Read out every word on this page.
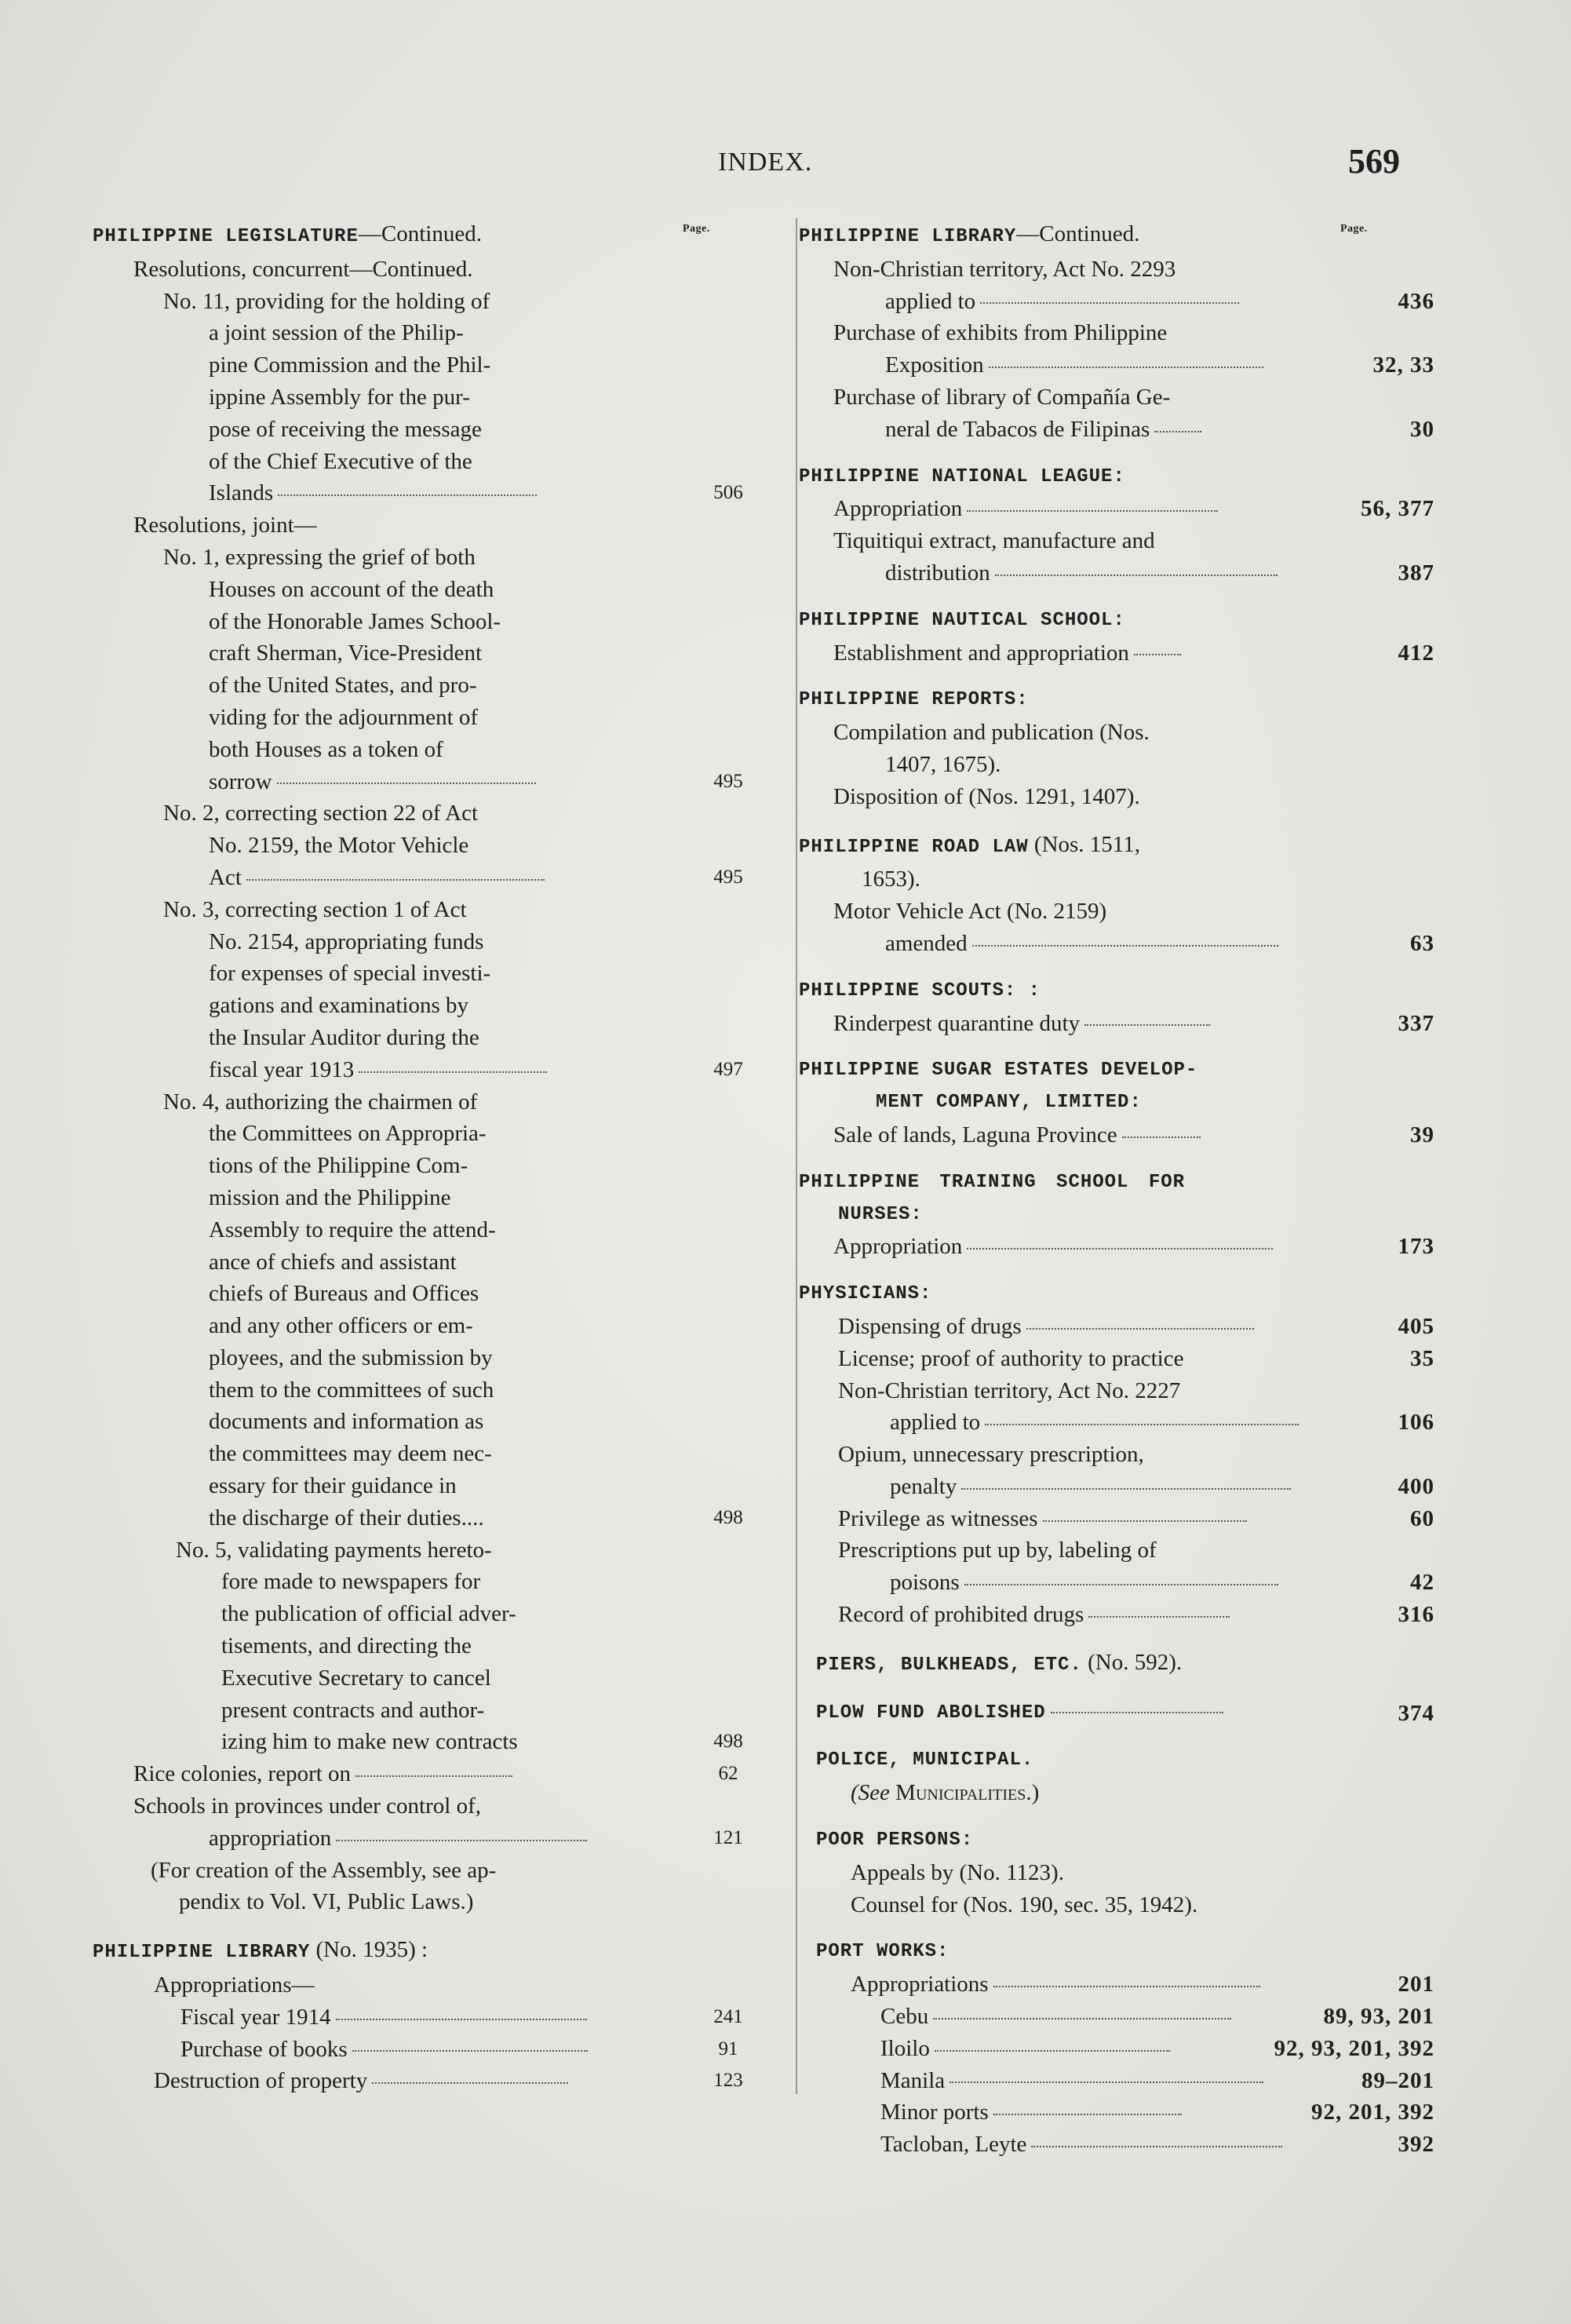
INDEX.	569
Page.
PHILIPPINE LEGISLATURE—Continued.
Resolutions, concurrent—Continued.
No. 11, providing for the holding of
a joint session of the Philip-
pine Commission and the Phil-
ippine Assembly for the pur-
pose of receiving the message
of the Chief Executive of the
Islands	506
Resolutions, joint—
No. 1, expressing the grief of both
Houses on account of the death
of the Honorable James School-
craft Sherman, Vice-President
of the United States, and pro-
viding for the adjournment of
both Houses as a token of
sorrow	495
No. 2, correcting section 22 of Act
No. 2159, the Motor Vehicle
Act	495
No. 3, correcting section 1 of Act
No. 2154, appropriating funds
for expenses of special investi-
gations and examinations by
the Insular Auditor during the
fiscal year 1913	497
No. 4, authorizing the chairmen of
the Committees on Appropria-
tions of the Philippine Com-
mission and the Philippine
Assembly to require the attend-
ance of chiefs and assistant
chiefs of Bureaus and Offices
and any other officers or em-
ployees, and the submission by
them to the committees of such
documents and information as
the committees may deem nec-
essary for their guidance in
the discharge of their duties....	498
No. 5, validating payments hereto-
fore made to newspapers for
the publication of official adver-
tisements, and directing the
Executive Secretary to cancel
present contracts and author-
izing him to make new contracts	498
Rice colonies, report on	62
Schools in provinces under control of,
appropriation	121
(For creation of the Assembly, see ap-
pendix to Vol. VI, Public Laws.)
PHILIPPINE LIBRARY (No. 1935) :
Appropriations—
Fiscal year 1914	241
Purchase of books	91
Destruction of property	123
Page.
PHILIPPINE LIBRARY—Continued.
Non-Christian territory, Act No. 2293
applied to	436
Purchase of exhibits from Philippine
Exposition	32, 33
Purchase of library of Compañía Ge-
neral de Tabacos de Filipinas	30
PHILIPPINE NATIONAL LEAGUE:
Appropriation	56, 377
Tiquitiqui extract, manufacture and
distribution	387
PHILIPPINE NAUTICAL SCHOOL:
Establishment and appropriation	412
PHILIPPINE REPORTS:
Compilation and publication (Nos.
1407, 1675).
Disposition of (Nos. 1291, 1407).
PHILIPPINE ROAD LAW (Nos. 1511,
1653).
Motor Vehicle Act (No. 2159)
amended	63
PHILIPPINE SCOUTS: :
Rinderpest quarantine duty	337
PHILIPPINE SUGAR ESTATES DEVELOP-
MENT COMPANY, LIMITED:
Sale of lands, Laguna Province	39
PHILIPPINE TRAINING SCHOOL FOR
NURSES:
Appropriation	173
PHYSICIANS:
Dispensing of drugs	405
License; proof of authority to practice	35
Non-Christian territory, Act No. 2227
applied to	106
Opium, unnecessary prescription,
penalty	400
Privilege as witnesses	60
Prescriptions put up by, labeling of
poisons	42
Record of prohibited drugs	316
PIERS, BULKHEADS, ETC. (No. 592).
PLOW FUND ABOLISHED	374
POLICE, MUNICIPAL.
(See Municipalities.)
POOR PERSONS:
Appeals by (No. 1123).
Counsel for (Nos. 190, sec. 35, 1942).
PORT WORKS:
Appropriations	201
Cebu	89, 93, 201
Iloilo	92, 93, 201, 392
Manila	89–201
Minor ports	92, 201, 392
Tacloban, Leyte	392
